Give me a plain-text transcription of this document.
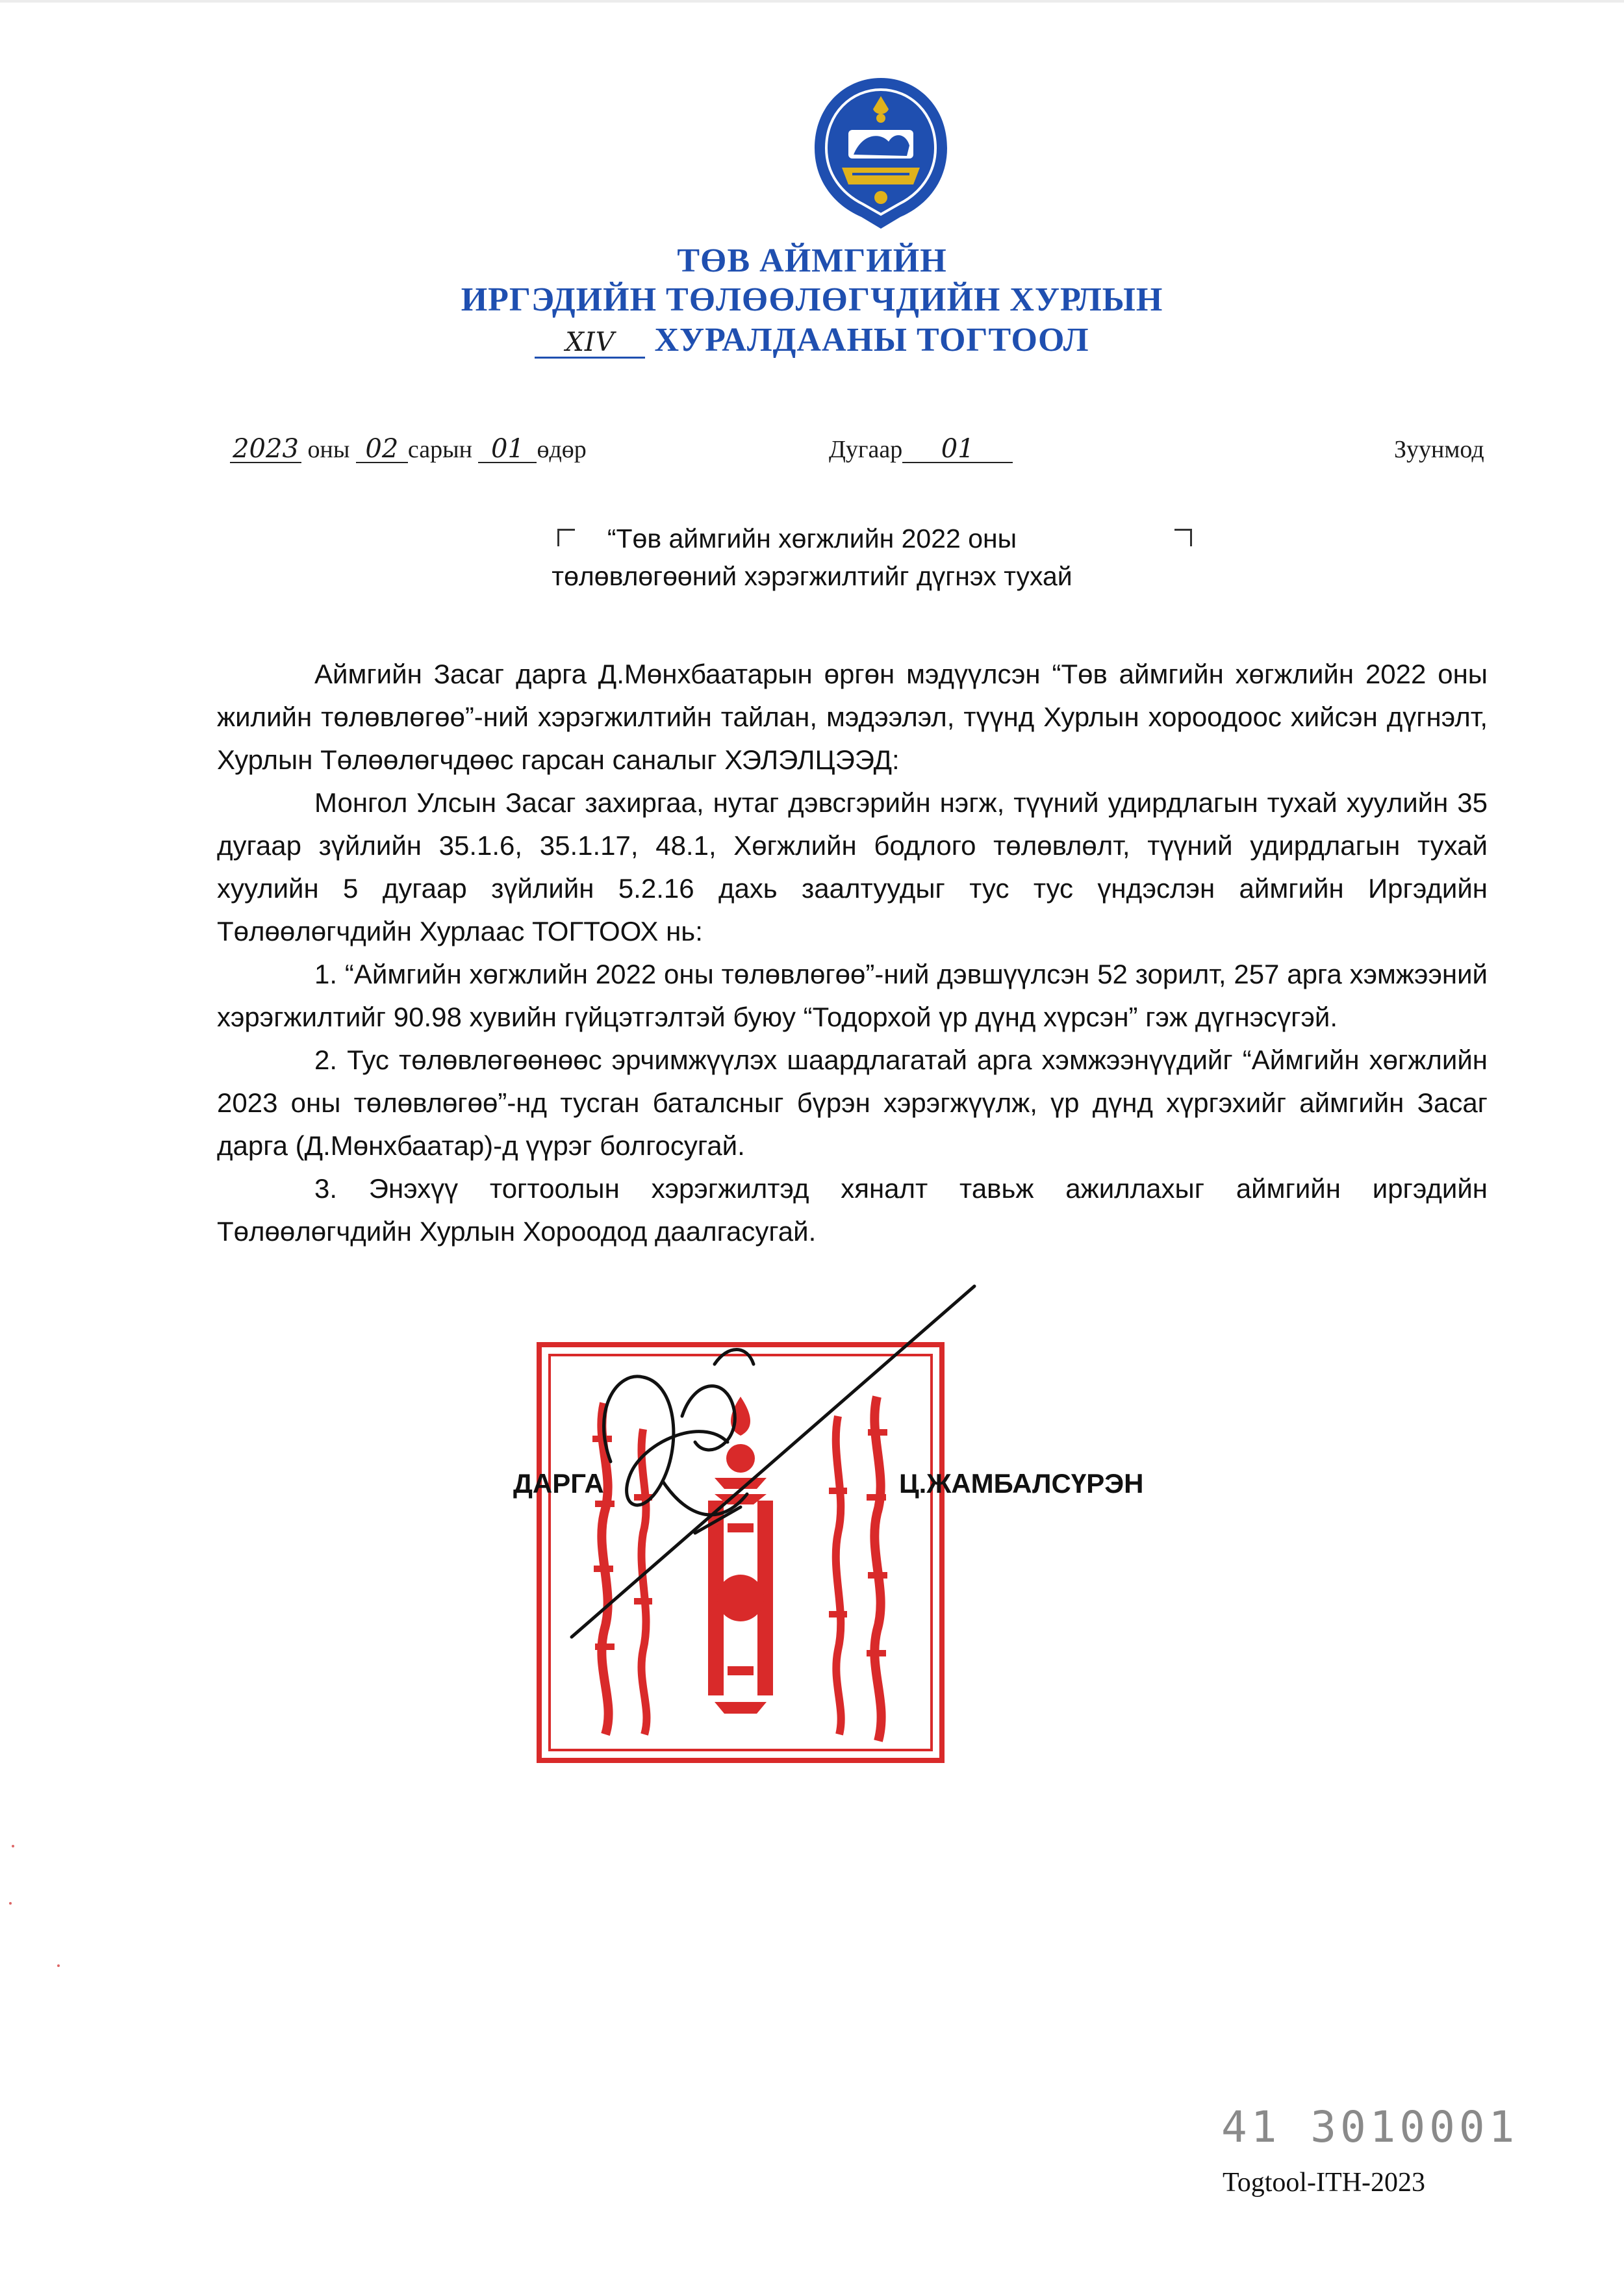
ТӨВ АЙМГИЙН
ИРГЭДИЙН ТӨЛӨӨЛӨГЧДИЙН ХУРЛЫН
XIV ХУРАЛДААНЫ ТОГТООЛ
2023 оны 02 сарын 01 өдөр	Дугаар 01	Зуунмод
“Төв аймгийн хөгжлийн 2022 оны
төлөвлөгөөний хэрэгжилтийг дүгнэх тухай

Аймгийн Засаг дарга Д.Мөнхбаатарын өргөн мэдүүлсэн “Төв аймгийн хөгжлийн 2022 оны жилийн төлөвлөгөө”-ний хэрэгжилтийн тайлан, мэдээлэл, түүнд Хурлын хороодоос хийсэн дүгнэлт, Хурлын Төлөөлөгчдөөс гарсан саналыг ХЭЛЭЛЦЭЭД:

Монгол Улсын Засаг захиргаа, нутаг дэвсгэрийн нэгж, түүний удирдлагын тухай хуулийн 35 дугаар зүйлийн 35.1.6, 35.1.17, 48.1, Хөгжлийн бодлого төлөвлөлт, түүний удирдлагын тухай хуулийн 5 дугаар зүйлийн 5.2.16 дахь заалтуудыг тус тус үндэслэн аймгийн Иргэдийн Төлөөлөгчдийн Хурлаас ТОГТООХ нь:

1. “Аймгийн хөгжлийн 2022 оны төлөвлөгөө”-ний дэвшүүлсэн 52 зорилт, 257 арга хэмжээний хэрэгжилтийг 90.98 хувийн гүйцэтгэлтэй буюу “Тодорхой үр дүнд хүрсэн” гэж дүгнэсүгэй.

2. Тус төлөвлөгөөнөөс эрчимжүүлэх шаардлагатай арга хэмжээнүүдийг “Аймгийн хөгжлийн 2023 оны төлөвлөгөө”-нд тусган баталсныг бүрэн хэрэгжүүлж, үр дүнд хүргэхийг аймгийн Засаг дарга (Д.Мөнхбаатар)-д үүрэг болгосугай.

3. Энэхүү тогтоолын хэрэгжилтэд хяналт тавьж ажиллахыг аймгийн иргэдийн Төлөөлөгчдийн Хурлын Хороодод даалгасугай.

ДАРГА	Ц.ЖАМБАЛСҮРЭН
41 3010001
Togtool-ITH-2023
